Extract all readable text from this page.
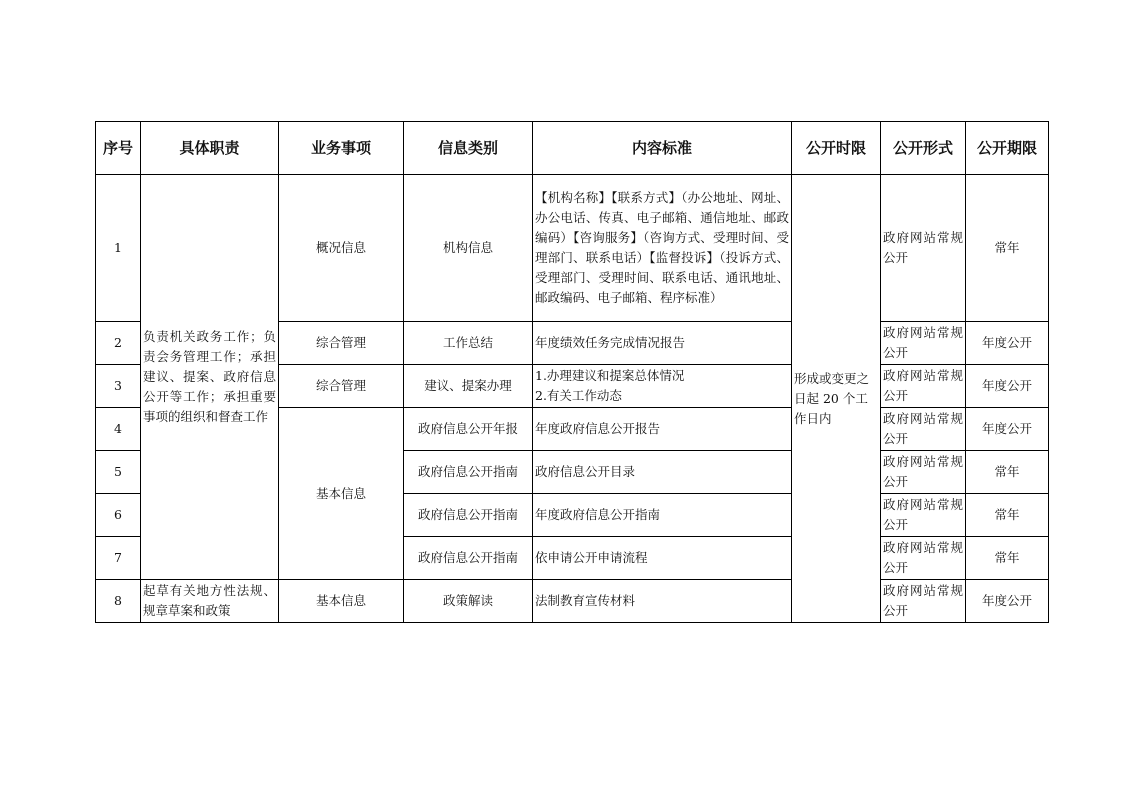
序号	具体职责	业务事项	信息类别	内容标准	公开时限	公开形式	公开期限
1	负责机关政务工作；负责会务管理工作；承担建议、提案、政府信息公开等工作；承担重要事项的组织和督查工作	概况信息	机构信息	【机构名称】【联系方式】（办公地址、网址、办公电话、传真、电子邮箱、通信地址、邮政编码）【咨询服务】（咨询方式、受理时间、受理部门、联系电话）【监督投诉】（投诉方式、受理部门、受理时间、联系电话、通讯地址、邮政编码、电子邮箱、程序标准）	形成或变更之日起 20 个工作日内	政府网站常规公开	常年
2		综合管理	工作总结	年度绩效任务完成情况报告		政府网站常规公开	年度公开
3		综合管理	建议、提案办理	1.办理建议和提案总体情况
2.有关工作动态		政府网站常规公开	年度公开
4		基本信息	政府信息公开年报	年度政府信息公开报告		政府网站常规公开	年度公开
5			政府信息公开指南	政府信息公开目录		政府网站常规公开	常年
6			政府信息公开指南	年度政府信息公开指南		政府网站常规公开	常年
7			政府信息公开指南	依申请公开申请流程		政府网站常规公开	常年
8	起草有关地方性法规、规章草案和政策	基本信息	政策解读	法制教育宣传材料		政府网站常规公开	年度公开
